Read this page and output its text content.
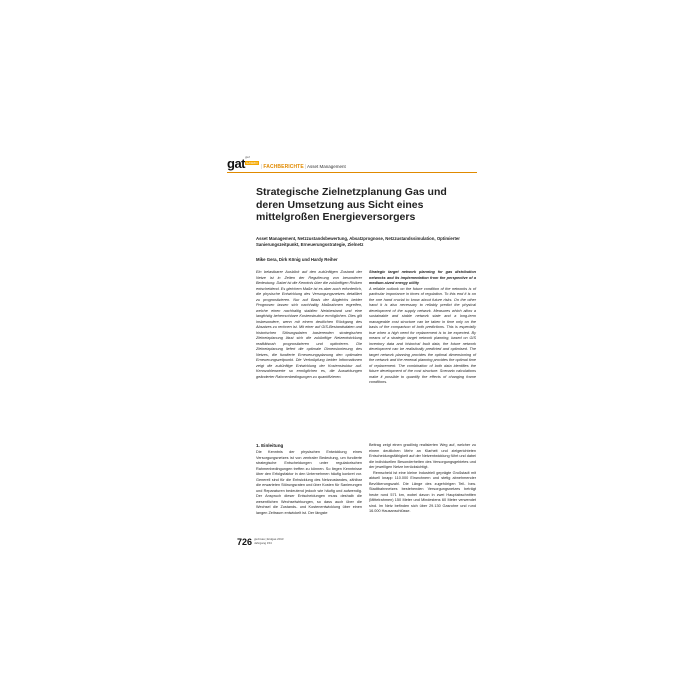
gat gwf
GASRIO
|FACHBERICHTE| Asset Management
Strategische Zielnetzplanung Gas und deren Umsetzung aus Sicht eines mittelgroßen Energieversorgers
Asset Management, Netzzustandsbewertung, Absatzprognose, Netzzustandssimulation, Optimierter Sanierungszeitpunkt, Erneuerungsstrategie, Zielnetz
Mike Gera, Dirk König und Hardy Reiher

Ein belastbarer Ausblick auf den zukünftigen Zustand der Netze ist in Zeiten der Regulierung von besonderer Bedeutung. Dabei ist die Kenntnis über die zukünftigen Risiken entscheidend. Es gleichem Maße ist es aber auch erforderlich, die physische Entwicklung des Versorgungsnetzes detailliert zu prognostizieren. Nur auf Basis der Abgleichs beider Prognosen lassen sich nachhaltig Maßnahmen ergreifen, welche einen nachhaltig stabilen Netzbestand und eine langfristig beherrschbare Kostenstruktur ermöglichen. Dies gilt insbesondere, wenn mit einem deutlichen Rückgang des Absatzes zu rechnen ist. Mit einer auf GIS-Bestandsdaten und historischen Störungsdaten basierenden strategischen Zielnetzplanung lässt sich die zukünftige Netzentwicklung realitätsnah prognostizieren und optimieren. Die Zielnetzplanung liefert die optimale Dimensionierung des Netzes, die fundierte Erneuerungsplanung den optimalen Erneuerungszeitpunkt. Die Verknüpfung beider Informationen zeigt die zukünftige Entwicklung der Kostenstruktur auf. Kennzahlenwerte so ermöglichen es, die Auswirkungen geänderter Rahmenbedingungen zu quantifizieren.

Strategic target network planning for gas distribution networks and its implementation from the perspective of a medium-sized energy utility

A reliable outlook on the future condition of the networks is of particular importance in times of regulation. To this end it is on the one hand crucial to know about future risks. On the other hand it is also necessary to reliably predict the physical development of the supply network. Measures which allow a sustainable and stable network state and a long-term manageable cost structure can be taken in time only on the basis of the comparison of both predictions. This is especially true when a high need for replacement is to be expected. By means of a strategic target network planning, based on GIS inventory data and historical fault data, the future network development can be realistically predicted and optimised. The target network planning provides the optimal dimensioning of the network and the renewal planning provides the optimal time of replacement. The combination of both data identifies the future development of the cost structure. Scenario calculations make it possible to quantify the effects of changing frame conditions.

1. Einleitung

Die Kenntnis der physischen Entwicklung eines Versorgungsnetzes ist von zentraler Bedeutung, um fundierte strategische Entscheidungen unter regulatorischen Rahmenbedingungen treffen zu können. So liegen Kenntnisse über den Erfolgsfaktor in den Unternehmen häufig konkret vor. Generell sind für die Entwicklung des Netzzustandes, zählbar die erwarteten Störungsraten und über Kosten für Sanierungen und Reparaturen bedeutend jedoch wie häufig und aufwendig. Der Anspruch dieser Entscheidungen muss deshalb die wesentlichen Wechselwirkungen, so dass auch über die Wechsel die Zustands- und Kostenentwicklung über einen langen Zeitraum entwickelt ist. Der längste

Beitrag zeigt einen gradlinig realisierten Weg auf, welcher zu einem deutlichen Mehr an Klarheit und zielgerichteten Entscheidungsfähigkeit auf der Netzentwicklung führt und dabei die individuellen Besonderheiten des Versorgungsgebietes und der jeweiligen Netze berücksichtigt.

Remscheid ist eine kleine Industriell geprägte Großstadt mit aktuell knapp 110.000 Einwohnern und stetig abnehmender Bevölkerungszahl. Die Länge des zugehörigen Teil- bzw. Stadtbahnnetzes bestehenden Versorgungsnetzes beträgt heute rund 571 km, wobei davon in zwei Hauptabschnitten (Mittelrahmen) 150 Meter und Mindestens 60 Meter verwendet sind. Im Netz befinden sich über 29.130 Gasrohre und rund 16.000 Hausanschlüsse.

726 gwf-Gas | Erdgas 2013
Jahrgang 154
